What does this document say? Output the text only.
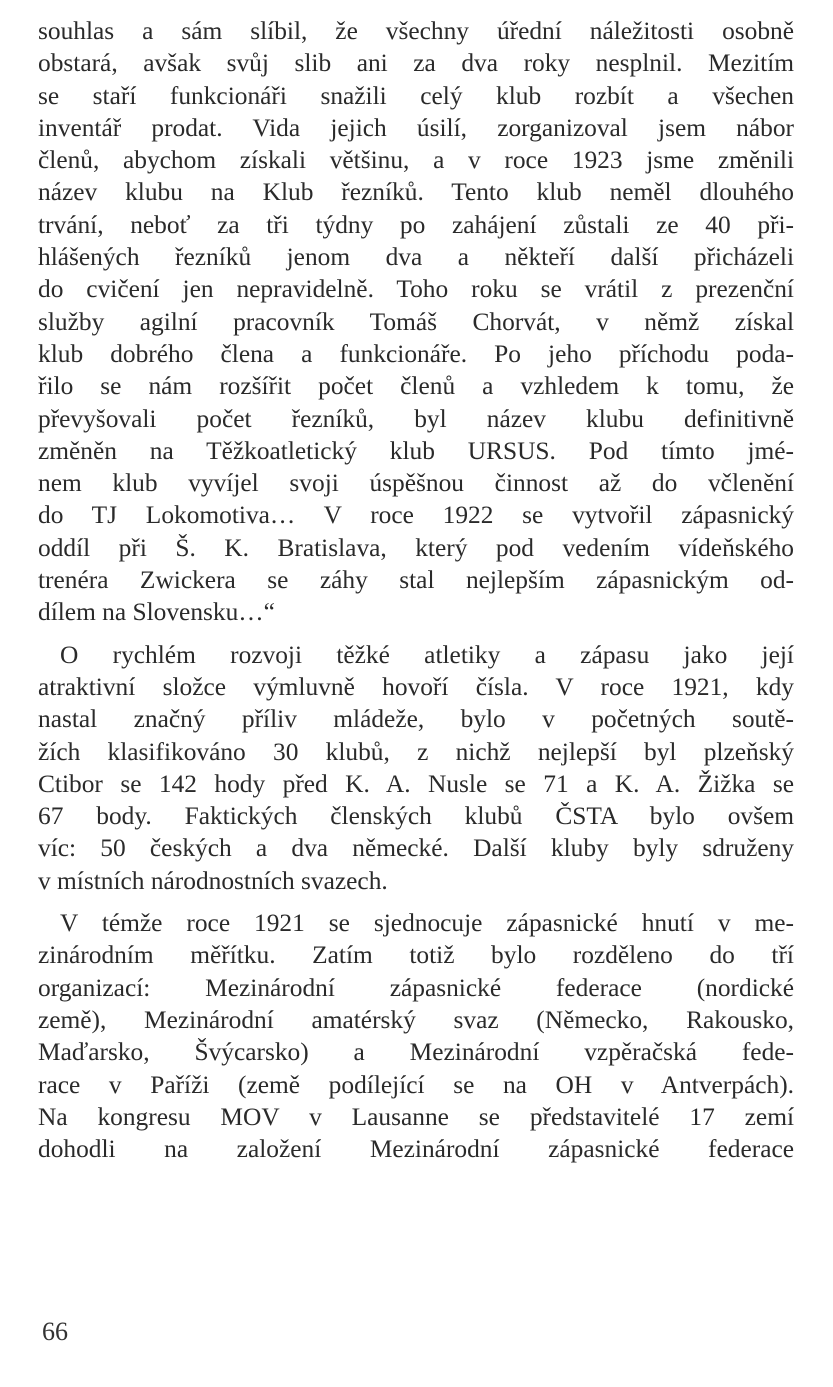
souhlas a sám slíbil, že všechny úřední náležitosti osobně
obstará, avšak svůj slib ani za dva roky nesplnil. Mezitím
se staří funkcionáři snažili celý klub rozbít a všechen
inventář prodat. Vida jejich úsilí, zorganizoval jsem nábor
členů, abychom získali většinu, a v roce 1923 jsme změnili
název klubu na Klub řezníků. Tento klub neměl dlouhého
trvání, neboť za tři týdny po zahájení zůstali ze 40 při-
hlášených řezníků jenom dva a někteří další přicházeli
do cvičení jen nepravidelně. Toho roku se vrátil z prezenční
služby agilní pracovník Tomáš Chorvát, v němž získal
klub dobrého člena a funkcionáře. Po jeho příchodu poda-
řilo se nám rozšířit počet členů a vzhledem k tomu, že
převyšovali počet řezníků, byl název klubu definitivně
změněn na Těžkoatletický klub URSUS. Pod tímto jmé-
nem klub vyvíjel svoji úspěšnou činnost až do včlenění
do TJ Lokomotiva… V roce 1922 se vytvořil zápasnický
oddíl při Š. K. Bratislava, který pod vedením vídeňského
trenéra Zwickera se záhy stal nejlepším zápasnickým od-
dílem na Slovensku…“
O rychlém rozvoji těžké atletiky a zápasu jako její
atraktivní složce výmluvně hovoří čísla. V roce 1921, kdy
nastal značný příliv mládeže, bylo v početných soutě-
žích klasifikováno 30 klubů, z nichž nejlepší byl plzeňský
Ctibor se 142 hody před K. A. Nusle se 71 a K. A. Žižka se
67 body. Faktických členských klubů ČSTA bylo ovšem
víc: 50 českých a dva německé. Další kluby byly sdruženy
v místních národnostních svazech.
V témže roce 1921 se sjednocuje zápasnické hnutí v me-
zinárodním měřítku. Zatím totiž bylo rozděleno do tří
organizací: Mezinárodní zápasnické federace (nordické
země), Mezinárodní amatérský svaz (Německo, Rakousko,
Maďarsko, Švýcarsko) a Mezinárodní vzpěračská fede-
race v Paříži (země podílející se na OH v Antverpách).
Na kongresu MOV v Lausanne se představitelé 17 zemí
dohodli na založení Mezinárodní zápasnické federace
66
